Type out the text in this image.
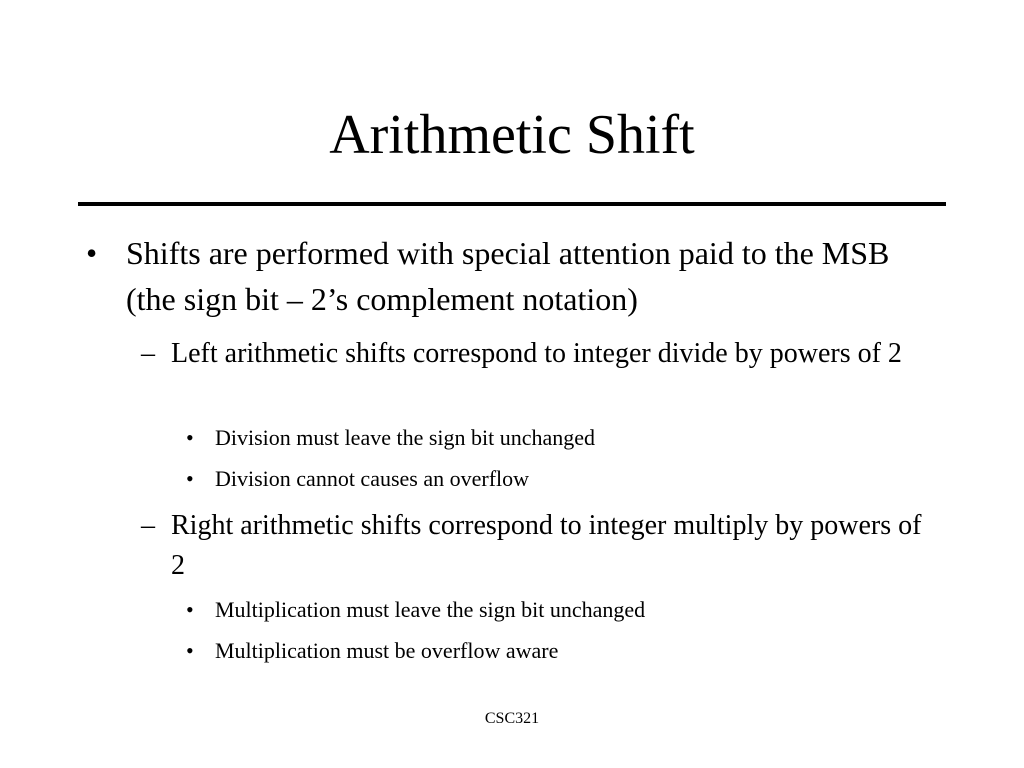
Arithmetic Shift

• Shifts are performed with special attention paid to the MSB (the sign bit – 2’s complement notation)

– Left arithmetic shifts correspond to integer divide by powers of 2

• Division must leave the sign bit unchanged

• Division cannot causes an overflow

– Right arithmetic shifts correspond to integer multiply by powers of 2

• Multiplication must leave the sign bit unchanged

• Multiplication must be overflow aware

CSC321
